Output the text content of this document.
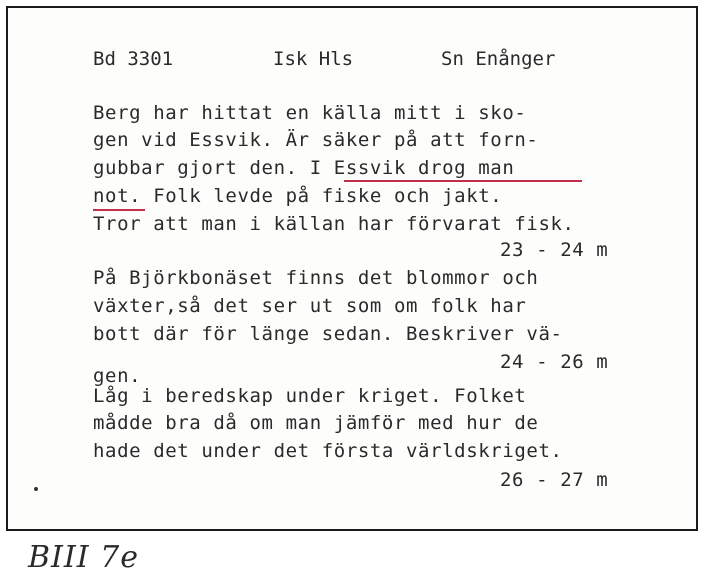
Bd 3301	Isk Hls	Sn Enånger
Berg har hittat en källa mitt i sko-
gen vid Essvik. Är säker på att forn-
gubbar gjort den. I Essvik drog man
not. Folk levde på fiske och jakt.
Tror att man i källan har förvarat fisk.
23 - 24 m
På Björkbonäset finns det blommor och
växter,så det ser ut som om folk har
bott där för länge sedan. Beskriver vä-
gen.
24 - 26 m
Låg i beredskap under kriget. Folket
mådde bra då om man jämför med hur de
hade det under det första världskriget.
26 - 27 m
BIII 7e
